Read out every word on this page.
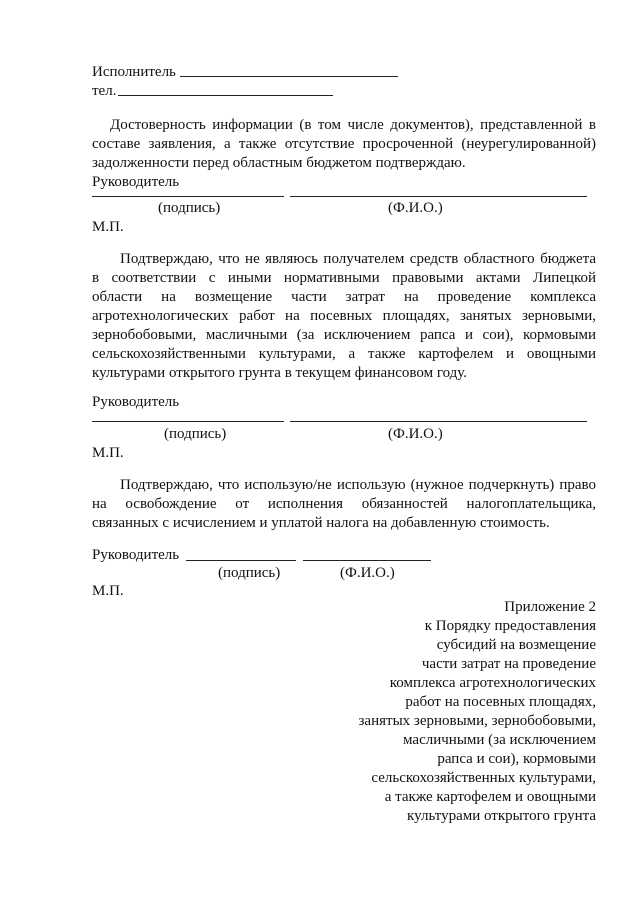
Исполнитель
тел.
Достоверность информации (в том числе документов), представленной в
составе заявления, а также отсутствие просроченной (неурегулированной)
задолженности перед областным бюджетом подтверждаю.
Руководитель
(подпись)	(Ф.И.О.)
М.П.
Подтверждаю, что не являюсь получателем средств областного бюджета
в соответствии с иными нормативными правовыми актами Липецкой
области на возмещение части затрат на проведение комплекса
агротехнологических работ на посевных площадях, занятых зерновыми,
зернобобовыми, масличными (за исключением рапса и сои), кормовыми
сельскохозяйственными культурами, а также картофелем и овощными
культурами открытого грунта в текущем финансовом году.
Руководитель
(подпись)	(Ф.И.О.)
М.П.
Подтверждаю, что использую/не использую (нужное подчеркнуть) право
на освобождение от исполнения обязанностей налогоплательщика,
связанных с исчислением и уплатой налога на добавленную стоимость.
Руководитель
(подпись)	(Ф.И.О.)
М.П.
Приложение 2
к Порядку предоставления
субсидий на возмещение
части затрат на проведение
комплекса агротехнологических
работ на посевных площадях,
занятых зерновыми, зернобобовыми,
масличными (за исключением
рапса и сои), кормовыми
сельскохозяйственных культурами,
а также картофелем и овощными
культурами открытого грунта
